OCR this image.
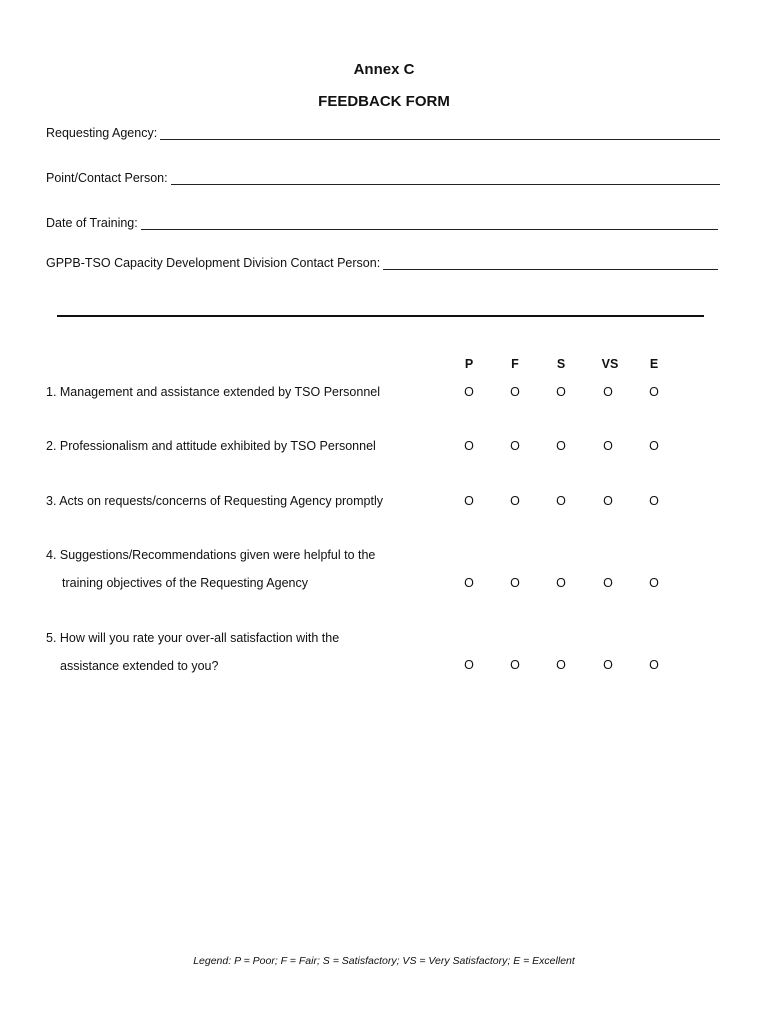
Annex C
FEEDBACK FORM
Requesting Agency:
Point/Contact Person:
Date of Training:
GPPB-TSO Capacity Development Division Contact Person:
P	F	S	VS	E
1. Management and assistance extended by TSO Personnel	O	O	O	O	O
2. Professionalism and attitude exhibited by TSO Personnel	O	O	O	O	O
3. Acts on requests/concerns of Requesting Agency promptly	O	O	O	O	O
4. Suggestions/Recommendations given were helpful to the
training objectives of the Requesting Agency	O	O	O	O	O
5. How will you rate your over-all satisfaction with the
assistance extended to you?	O	O	O	O	O
Legend: P = Poor; F = Fair; S = Satisfactory; VS = Very Satisfactory; E = Excellent
